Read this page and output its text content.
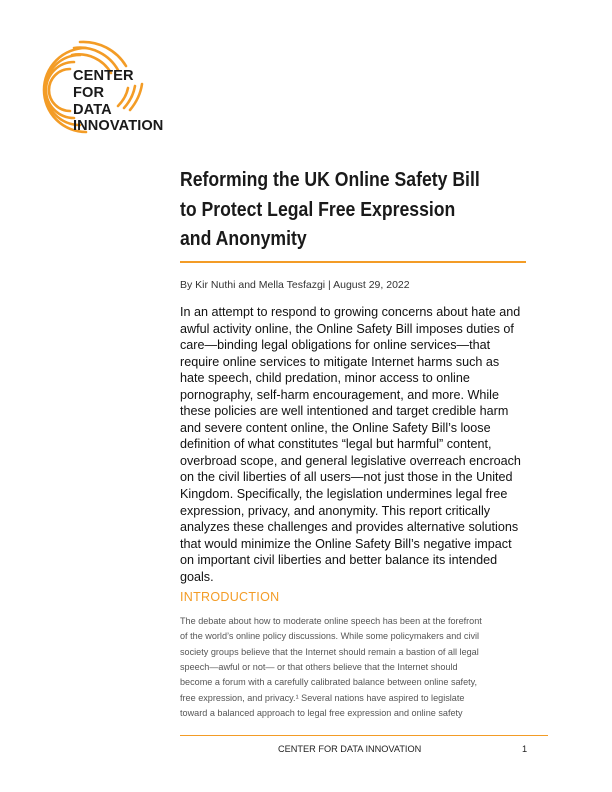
CENTER
FOR
DATA
INNOVATION
Reforming the UK Online Safety Bill
to Protect Legal Free Expression
and Anonymity
By Kir Nuthi and Mella Tesfazgi | August 29, 2022
In an attempt to respond to growing concerns about hate and
awful activity online, the Online Safety Bill imposes duties of
care—binding legal obligations for online services—that
require online services to mitigate Internet harms such as
hate speech, child predation, minor access to online
pornography, self-harm encouragement, and more. While
these policies are well intentioned and target credible harm
and severe content online, the Online Safety Bill’s loose
definition of what constitutes “legal but harmful” content,
overbroad scope, and general legislative overreach encroach
on the civil liberties of all users—not just those in the United
Kingdom. Specifically, the legislation undermines legal free
expression, privacy, and anonymity. This report critically
analyzes these challenges and provides alternative solutions
that would minimize the Online Safety Bill’s negative impact
on important civil liberties and better balance its intended
goals.
INTRODUCTION
The debate about how to moderate online speech has been at the forefront
of the world’s online policy discussions. While some policymakers and civil
society groups believe that the Internet should remain a bastion of all legal
speech—awful or not— or that others believe that the Internet should
become a forum with a carefully calibrated balance between online safety,
free expression, and privacy.¹ Several nations have aspired to legislate
toward a balanced approach to legal free expression and online safety
CENTER FOR DATA INNOVATION	1
